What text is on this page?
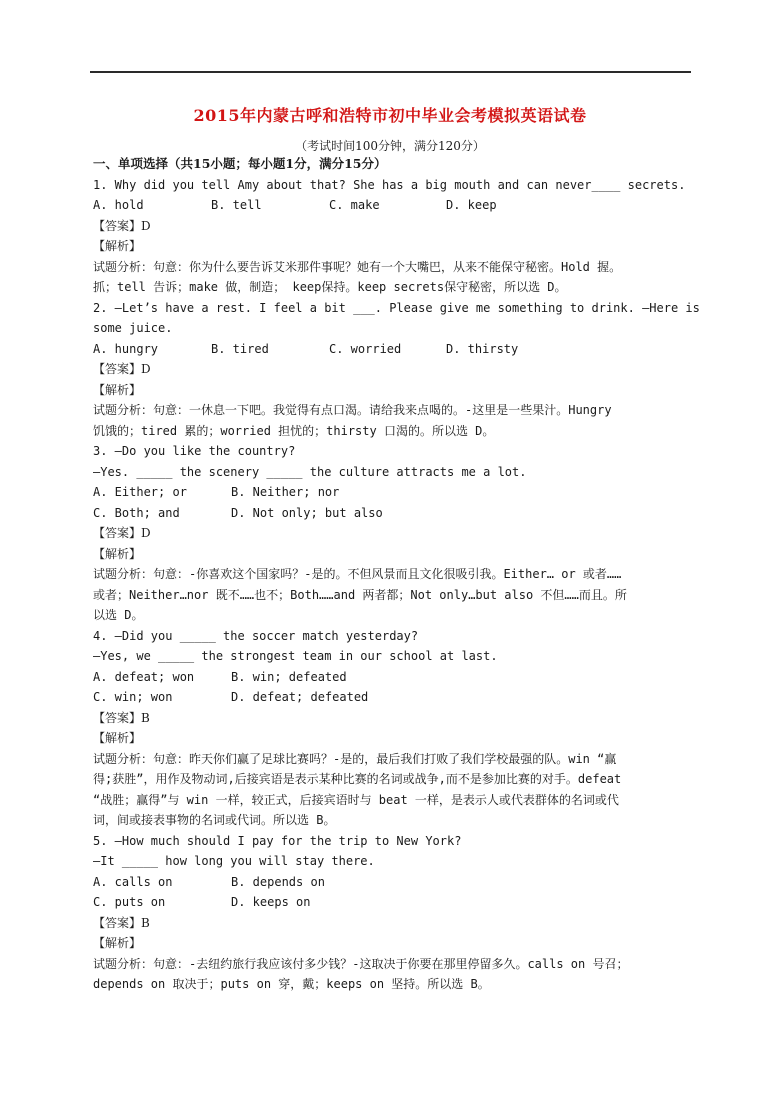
2015年内蒙古呼和浩特市初中毕业会考模拟英语试卷
（考试时间100分钟，满分120分）
一、单项选择（共15小题；每小题1分，满分15分）
1. Why did you tell Amy about that? She has a big mouth and can never____ secrets.
A. hold	B. tell	C. make	D. keep
【答案】D
【解析】
试题分析：句意：你为什么要告诉艾米那件事呢？她有一个大嘴巴，从来不能保守秘密。Hold 握。
抓；tell 告诉；make 做，制造； keep保持。keep secrets保守秘密，所以选 D。
2. —Let’s have a rest. I feel a bit ___. Please give me something to drink. —Here is
some juice.
A. hungry	B. tired	C. worried	D. thirsty
【答案】D
【解析】
试题分析：句意：一休息一下吧。我觉得有点口渴。请给我来点喝的。-这里是一些果汁。Hungry
饥饿的；tired 累的；worried 担忧的；thirsty 口渴的。所以选 D。
3. —Do you like the country?
—Yes. _____ the scenery _____ the culture attracts me a lot.
A. Either; or	B. Neither; nor
C. Both; and	D. Not only; but also
【答案】D
【解析】
试题分析：句意：-你喜欢这个国家吗？-是的。不但风景而且文化很吸引我。Either… or 或者……
或者；Neither…nor 既不……也不；Both……and 两者都；Not only…but also 不但……而且。所
以选 D。
4. —Did you _____ the soccer match yesterday?
—Yes, we _____ the strongest team in our school at last.
A. defeat; won	B. win; defeated
C. win; won	D. defeat; defeated
【答案】B
【解析】
试题分析：句意：昨天你们赢了足球比赛吗？-是的，最后我们打败了我们学校最强的队。win “赢
得;获胜”，用作及物动词,后接宾语是表示某种比赛的名词或战争,而不是参加比赛的对手。defeat
“战胜；赢得”与 win 一样，较正式，后接宾语时与 beat 一样，是表示人或代表群体的名词或代
词，间或接表事物的名词或代词。所以选 B。
5. —How much should I pay for the trip to New York?
—It _____ how long you will stay there.
A. calls on	B. depends on
C. puts on	D. keeps on
【答案】B
【解析】
试题分析：句意：-去纽约旅行我应该付多少钱？-这取决于你要在那里停留多久。calls on 号召；
depends on 取决于；puts on 穿，戴；keeps on 坚持。所以选 B。
